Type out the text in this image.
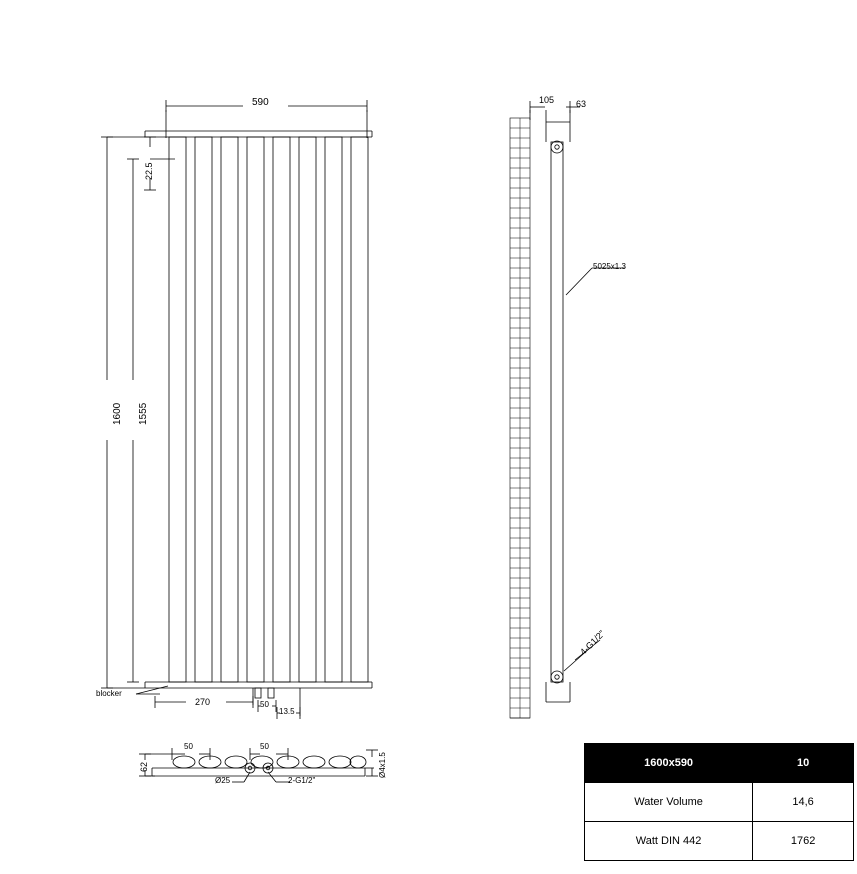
590
1600 1555
22.5
270	50
13.5
blocker
105 63
5025x1.3
4-G1/2"
50	50
62
Ø25	2-G1/2"
Ø4x1.5	1600x590	10
Water Volume	14,6
Watt DIN 442	1762
